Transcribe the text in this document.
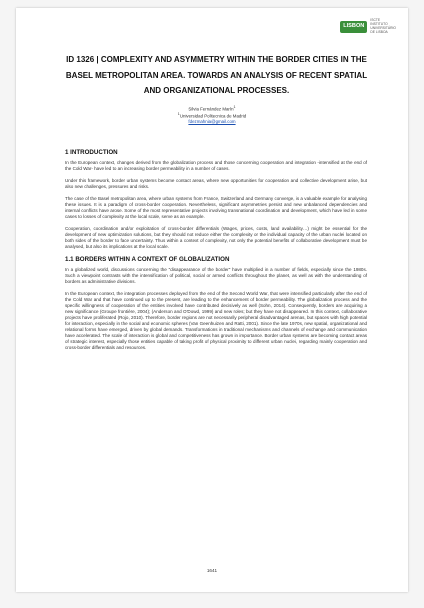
LISBON
ISCTE
INSTITUTO
UNIVERSITÁRIO
DE LISBOA
ID 1326 | COMPLEXITY AND ASYMMETRY WITHIN THE BORDER CITIES IN THE BASEL METROPOLITAN AREA. TOWARDS AN ANALYSIS OF RECENT SPATIAL AND ORGANIZATIONAL PROCESSES.
Silvia Fernández Marín$^1$
$^1$Universidad Politecnica de Madrid
fdezmahnia@gmail.com
1 INTRODUCTION

In the European context, changes derived from the globalization process and those concerning cooperation and integration -intensified at the end of the Cold War- have led to an increasing border permeability in a number of cases.

Under this framework, border urban systems become contact areas, where new opportunities for cooperation and collective development arise, but also new challenges, pressures and risks.

The case of the Basel metropolitan area, where urban systems from France, Switzerland and Germany converge, is a valuable example for analysing these issues. It is a paradigm of cross-border cooperation. Nevertheless, significant asymmetries persist and new unbalanced dependencies and internal conflicts have arose. Some of the most representative projects involving transnational coordination and development, which have led in some cases to losses of complexity at the local scale, serve as an example.

Cooperation, coordination and/or exploitation of cross-border differentials (Wages, prices, costs, land availability…) might be essential for the development of new optimization solutions, but they should not reduce either the complexity or the individual capacity of the urban nuclei located on both sides of the border to face uncertainty. Thus within a context of complexity, not only the potential benefits of collaborative development must be analysed, but also its implications at the local scale.

1.1 BORDERS WITHIN A CONTEXT OF GLOBALIZATION

In a globalized world, discussions concerning the "disappearance of the border" have multiplied in a number of fields, especially since the 1980s. Such a viewpoint contrasts with the intensification of political, social or armed conflicts throughout the planet, as well as with the understanding of borders as administrative divisions.

In the European context, the integration processes deployed from the end of the Second World War, that were intensified particularly after the end of the Cold War and that have continued up to the present, are leading to the enhancement of border permeability. The globalization process and the specific willingness of cooperation of the entities involved have contributed decisively as well (Sohn, 2014). Consequently, borders are acquiring a new significance (Groupe frontière, 2004); (Anderson and O'Dowd, 1999) and new roles; but they have not disappeared. In this context, collaborative projects have proliferated (Rojo, 2010). Therefore, border regions are not necessarily peripheral disadvantaged arenas, but spaces with high potential for interaction, especially in the social and economic spheres (Van Geenhuizen and Ratti, 2001). Since the late 1970s, new spatial, organizational and relational forms have emerged, driven by global demands. Transformations in traditional mechanisms and channels of exchange and communication have accelerated. The scale of interaction is global and competitiveness has grown in importance. Border urban systems are becoming contact areas of strategic interest, especially those entities capable of taking profit of physical proximity to different urban nuclei, regarding mainly cooperation and cross-border differentials and resources.

1641
